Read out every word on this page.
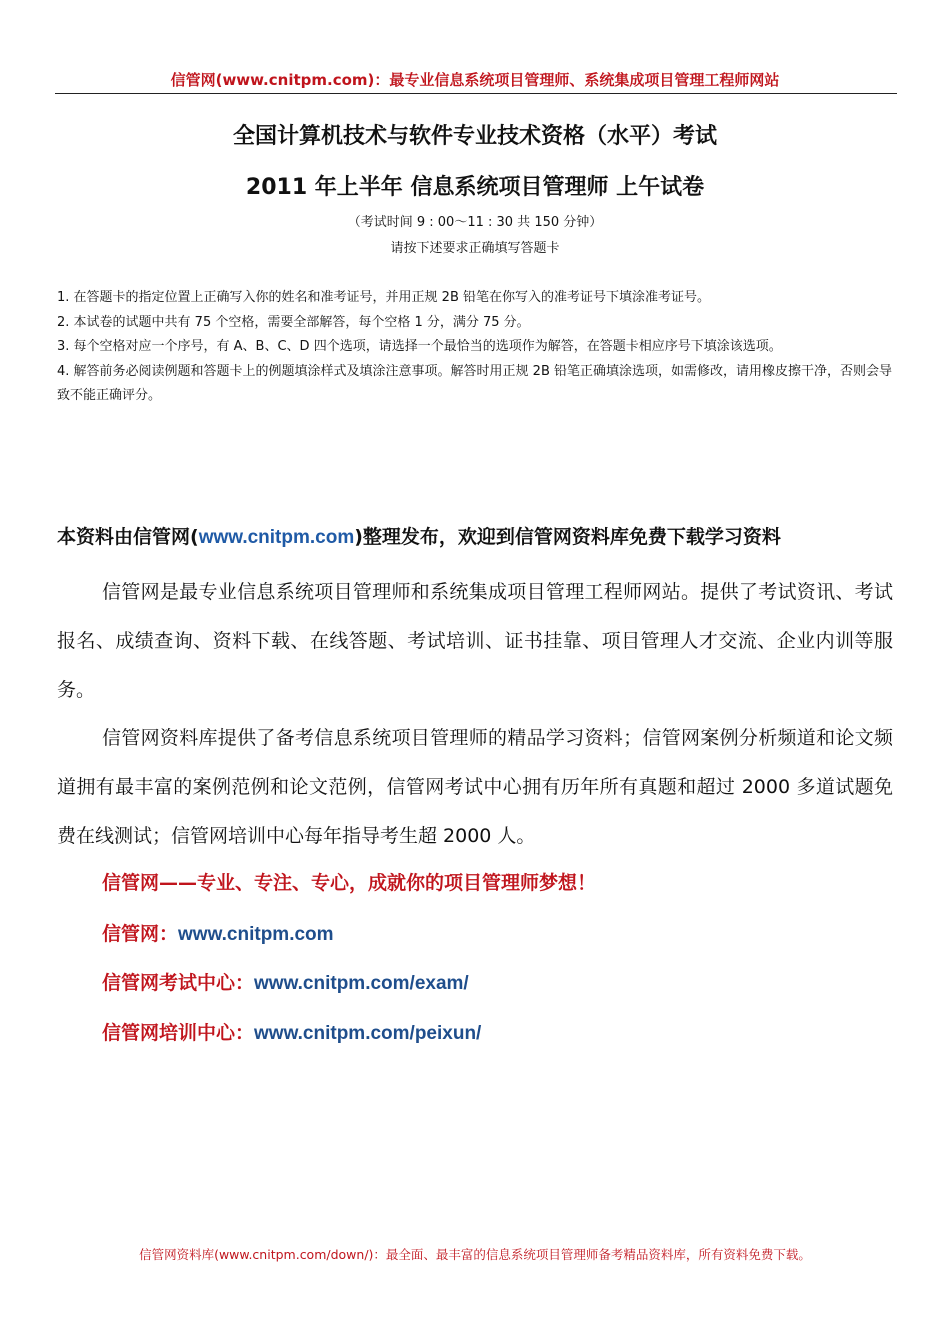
信管网(www.cnitpm.com)：最专业信息系统项目管理师、系统集成项目管理工程师网站
全国计算机技术与软件专业技术资格（水平）考试
2011 年上半年 信息系统项目管理师 上午试卷
（考试时间 9 : 00～11 : 30 共 150 分钟）
请按下述要求正确填写答题卡

1. 在答题卡的指定位置上正确写入你的姓名和准考证号，并用正规 2B 铅笔在你写入的准考证号下填涂准考证号。

2. 本试卷的试题中共有 75 个空格，需要全部解答，每个空格 1 分，满分 75 分。

3. 每个空格对应一个序号，有 A、B、C、D 四个选项，请选择一个最恰当的选项作为解答，在答题卡相应序号下填涂该选项。

4. 解答前务必阅读例题和答题卡上的例题填涂样式及填涂注意事项。解答时用正规 2B 铅笔正确填涂选项，如需修改，请用橡皮擦干净，否则会导致不能正确评分。

本资料由信管网(www.cnitpm.com)整理发布，欢迎到信管网资料库免费下载学习资料
信管网是最专业信息系统项目管理师和系统集成项目管理工程师网站。提供了考试资讯、考试报名、成绩查询、资料下载、在线答题、考试培训、证书挂靠、项目管理人才交流、企业内训等服务。
信管网资料库提供了备考信息系统项目管理师的精品学习资料；信管网案例分析频道和论文频道拥有最丰富的案例范例和论文范例，信管网考试中心拥有历年所有真题和超过 2000 多道试题免费在线测试；信管网培训中心每年指导考生超 2000 人。
信管网——专业、专注、专心，成就你的项目管理师梦想！
信管网：www.cnitpm.com
信管网考试中心：www.cnitpm.com/exam/
信管网培训中心：www.cnitpm.com/peixun/
信管网资料库(www.cnitpm.com/down/)：最全面、最丰富的信息系统项目管理师备考精品资料库，所有资料免费下载。
